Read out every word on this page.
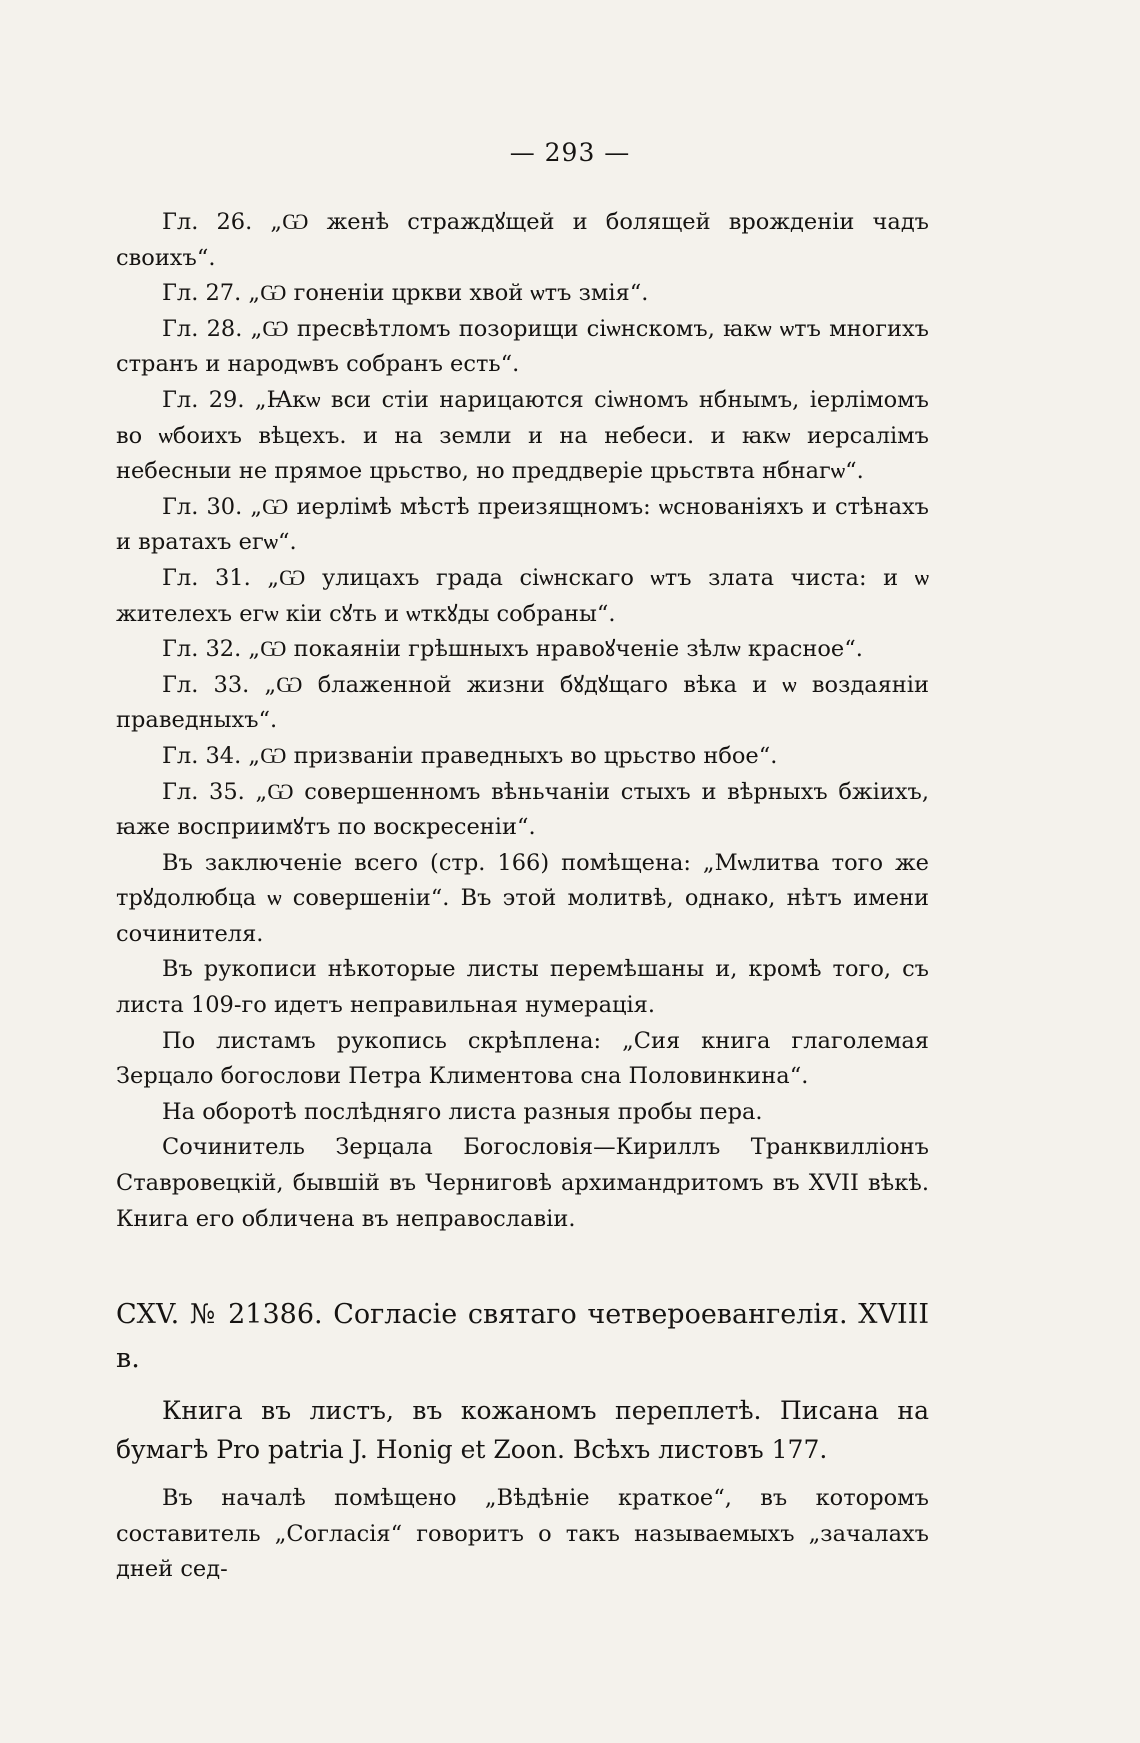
— 293 —

Гл. 26. „Ѡ женѣ страждꙋщей и болящей врожденіи чадъ своихъ“.

Гл. 27. „Ѡ гоненіи цркви хвой ѡтъ змія“.

Гл. 28. „Ѡ пресвѣтломъ позорищи сіѡнскомъ, ꙗкѡ ѡтъ многихъ странъ и народѡвъ собранъ есть“.

Гл. 29. „Ꙗкѡ вси стіи нарицаются сіѡномъ нбнымъ, іерлімомъ во ѡбоихъ вѣцехъ. и на земли и на небеси. и ꙗкѡ иерсалімъ небесныи не прямое црьство, но преддверіе црьствта нбнагѡ“.

Гл. 30. „Ѡ иерлімѣ мѣстѣ преизящномъ: ѡснованіяхъ и стѣнахъ и вратахъ егѡ“.

Гл. 31. „Ѡ улицахъ града сіѡнскаго ѡтъ злата чиста: и ѡ жителехъ егѡ кіи сꙋть и ѡткꙋды собраны“.

Гл. 32. „Ѡ покаяніи грѣшныхъ нравоꙋченіе зѣлѡ красное“.

Гл. 33. „Ѡ блаженной жизни бꙋдꙋщаго вѣка и ѡ воздаяніи праведныхъ“.

Гл. 34. „Ѡ призваніи праведныхъ во црьство нбое“.

Гл. 35. „Ѡ совершенномъ вѣньчаніи стыхъ и вѣрныхъ бжіихъ, ꙗже восприимꙋтъ по воскресеніи“.

Въ заключеніе всего (стр. 166) помѣщена: „Мѡлитва того же трꙋдолюбца ѡ совершеніи“. Въ этой молитвѣ, однако, нѣтъ имени сочинителя.

Въ рукописи нѣкоторые листы перемѣшаны и, кромѣ того, съ листа 109-го идетъ неправильная нумерація.

По листамъ рукопись скрѣплена: „Сия книга глаголемая Зерцало богослови Петра Климентова сна Половинкина“.

На оборотѣ послѣдняго листа разныя пробы пера.

Сочинитель Зерцала Богословія—Кириллъ Транквилліонъ Ставровецкій, бывшій въ Черниговѣ архимандритомъ въ XVII вѣкѣ. Книга его обличена въ неправославіи.

CXV. № 21386. Согласіе святаго четвероевангелія. XVIII в.

Книга въ листъ, въ кожаномъ переплетѣ. Писана на бумагѣ Pro patria J. Honig et Zoon. Всѣхъ листовъ 177.

Въ началѣ помѣщено „Вѣдѣніе краткое“, въ которомъ составитель „Согласія“ говоритъ о такъ называемыхъ „зачалахъ дней сед-
